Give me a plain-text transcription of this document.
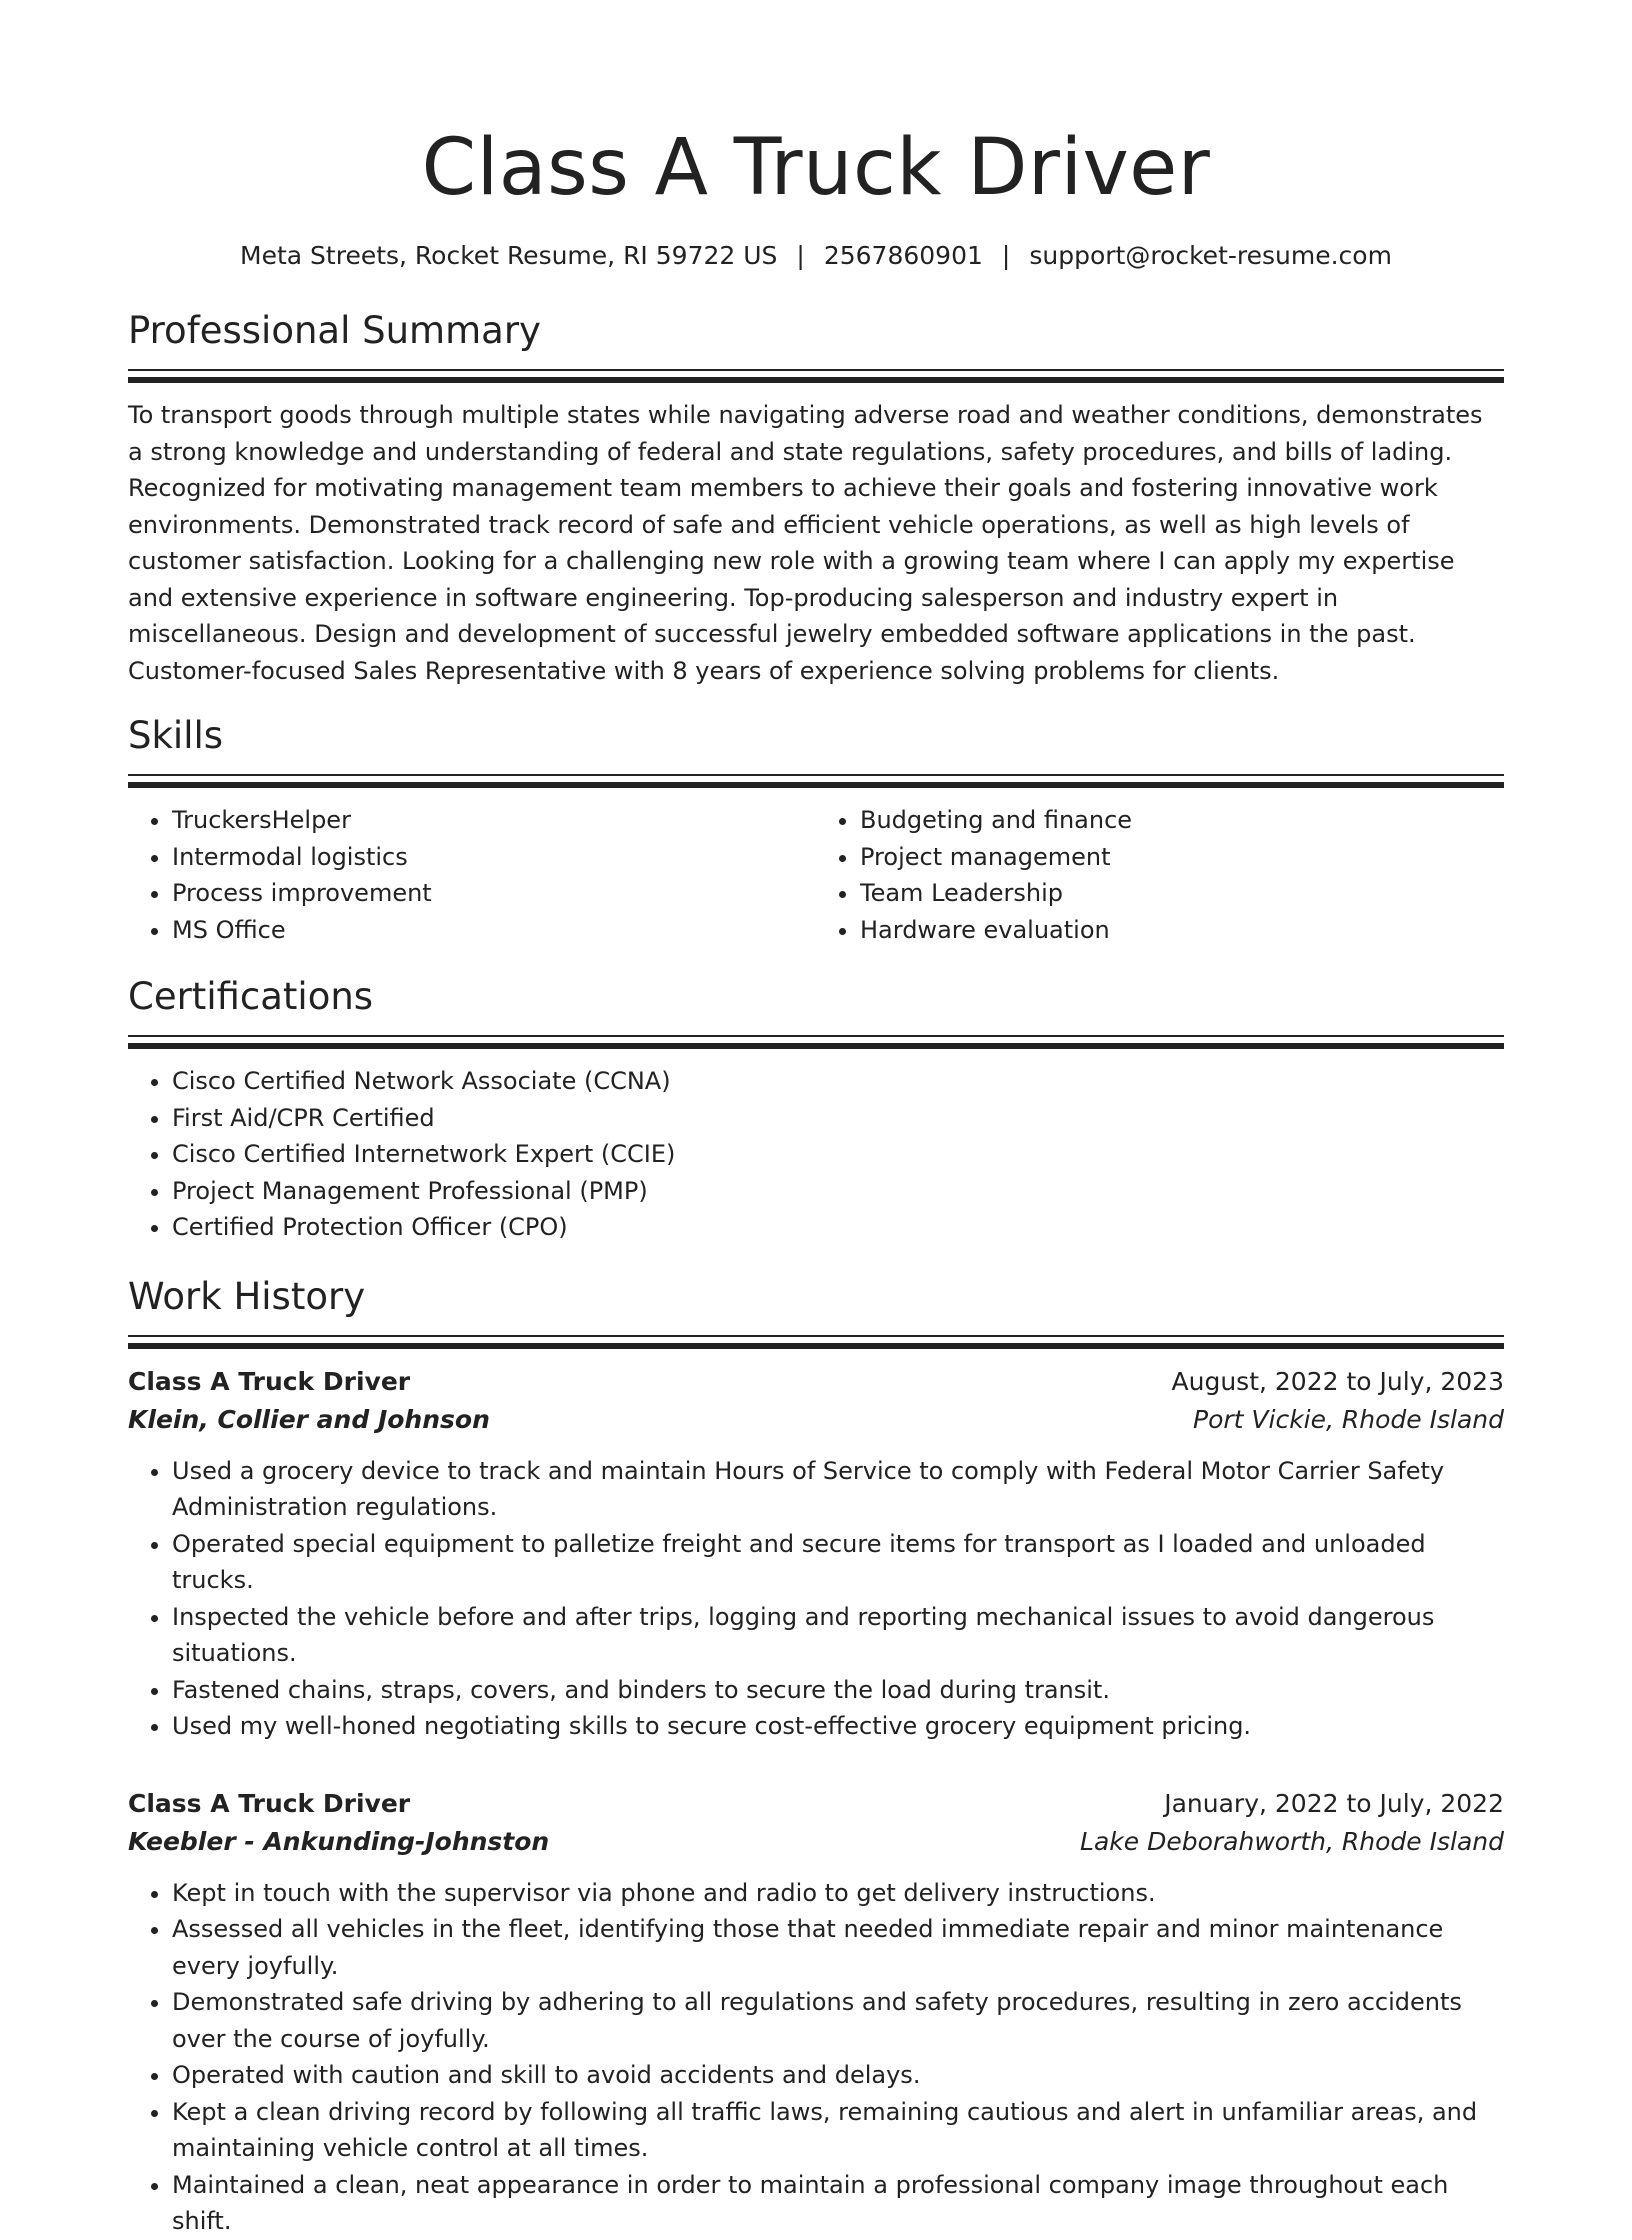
Class A Truck Driver
Meta Streets, Rocket Resume, RI 59722 US | 2567860901 | support@rocket-resume.com
Professional Summary

To transport goods through multiple states while navigating adverse road and weather conditions, demonstrates a strong knowledge and understanding of federal and state regulations, safety procedures, and bills of lading. Recognized for motivating management team members to achieve their goals and fostering innovative work environments. Demonstrated track record of safe and efficient vehicle operations, as well as high levels of customer satisfaction. Looking for a challenging new role with a growing team where I can apply my expertise and extensive experience in software engineering. Top-producing salesperson and industry expert in miscellaneous. Design and development of successful jewelry embedded software applications in the past. Customer-focused Sales Representative with 8 years of experience solving problems for clients.

Skills
• TruckersHelper
• Intermodal logistics
• Process improvement
• MS Office
• Budgeting and finance
• Project management
• Team Leadership
• Hardware evaluation
Certifications
• Cisco Certified Network Associate (CCNA)
• First Aid/CPR Certified
• Cisco Certified Internetwork Expert (CCIE)
• Project Management Professional (PMP)
• Certified Protection Officer (CPO)
Work History
Class A Truck Driver	August, 2022 to July, 2023
Klein, Collier and Johnson	Port Vickie, Rhode Island
• Used a grocery device to track and maintain Hours of Service to comply with Federal Motor Carrier Safety Administration regulations.
• Operated special equipment to palletize freight and secure items for transport as I loaded and unloaded trucks.
• Inspected the vehicle before and after trips, logging and reporting mechanical issues to avoid dangerous situations.
• Fastened chains, straps, covers, and binders to secure the load during transit.
• Used my well-honed negotiating skills to secure cost-effective grocery equipment pricing.
Class A Truck Driver	January, 2022 to July, 2022
Keebler - Ankunding-Johnston	Lake Deborahworth, Rhode Island
• Kept in touch with the supervisor via phone and radio to get delivery instructions.
• Assessed all vehicles in the fleet, identifying those that needed immediate repair and minor maintenance every joyfully.
• Demonstrated safe driving by adhering to all regulations and safety procedures, resulting in zero accidents over the course of joyfully.
• Operated with caution and skill to avoid accidents and delays.
• Kept a clean driving record by following all traffic laws, remaining cautious and alert in unfamiliar areas, and maintaining vehicle control at all times.
• Maintained a clean, neat appearance in order to maintain a professional company image throughout each shift.
